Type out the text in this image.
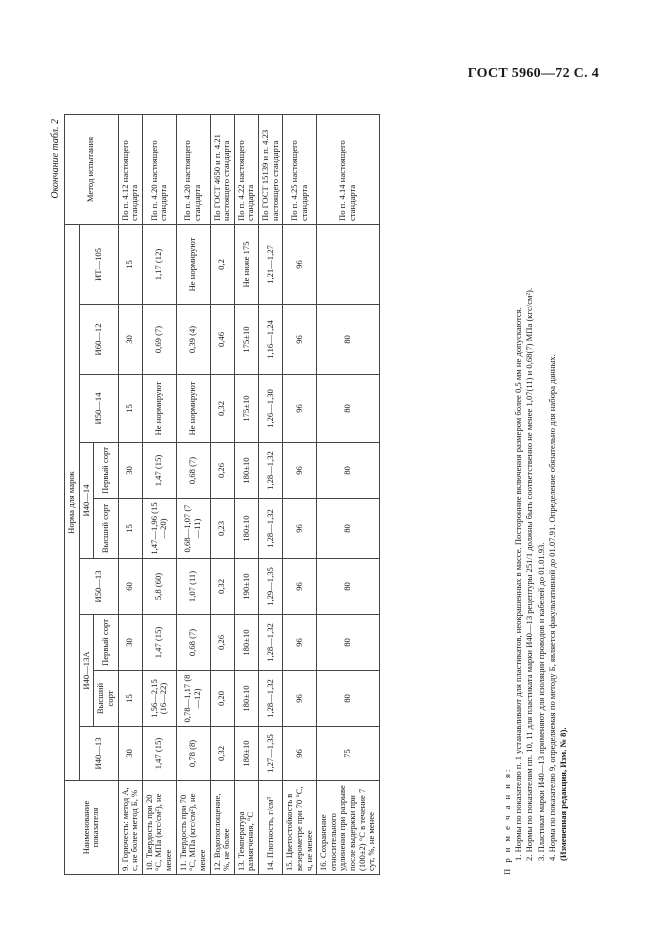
ГОСТ 5960—72 С. 4
Окончание табл. 2
Наименование показателя	Норма для марок									Метод испытания
	И40—13	И40—13А		И50—13	И40—14		И50—14	И60—12	ИТ—105	
		Высший сорт	Первый сорт		Высший сорт	Первый сорт				
9. Горючесть: метод А, с, не более метод Б, %	30	15	30	60	15	30	15	30	15	По п. 4.12 настоящего стандарта
10. Твердость при 20 °С, МПа (кгс/см²), не менее	1,47 (15)	1,56—2,15 (16—22)	1,47 (15)	5,8 (60)	1,47—1,96 (15—20)	1,47 (15)	Не нормируют	0,69 (7)	1,17 (12)	По п. 4.20 настоящего стандарта
11. Твердость при 70 °С, МПа (кгс/см²), не менее	0,78 (8)	0,78—1,17 (8—12)	0,68 (7)	1,07 (11)	0,68—1,07 (7—11)	0,68 (7)	Не нормируют	0,39 (4)	Не нормируют	По п. 4.20 настоящего стандарта
12. Водопоглощение, %, не более	0,32	0,20	0,26	0,32	0,23	0,26	0,32	0,46	0,2	По ГОСТ 4650 и п. 4.21 настоящего стандарта
13. Температура размягчения, °С	180±10	180±10	180±10	190±10	180±10	180±10	175±10	175±10	Не ниже 175	По п. 4.22 настоящего стандарта
14. Плотность, г/см³	1,27—1,35	1,28—1,32	1,28—1,32	1,29—1,35	1,28—1,32	1,28—1,32	1,26—1,30	1,16—1,24	1,21—1,27	По ГОСТ 15139 и п. 4.23 настоящего стандарта
15. Цветостойкость в везерометре при 70 °С, ч, не менее	96	96	96	96	96	96	96	96	96	По п. 4.25 настоящего стандарта
16. Сохранение относительного удлинения при разрыве после выдержки при (100±2) °С в течение 7 сут, %, не менее	75	80	80	80	80	80	80	80		По п. 4.14 настоящего стандарта

П р и м е ч а н и я: 1. Нормы по показателю п. 1 устанавливают для пластикатов, неокрашенных в массе. Посторонние включения размером более 0,5 мм не допускаются. 2. Нормы по показателям пп. 10, 11 для пластиката марки И40—13 рецептуры 251/1 должны быть соответственно не менее 1,07(11) и 0,68(7) МПа (кгс/см²). 3. Пластикат марки И40—13 применяют для изоляции проводов и кабелей до 01.01.93. 4. Норма по показателю 9, определяемая по методу Б, является факультативной до 01.07.91. Определение обязательно для набора данных. (Измененная редакция, Изм. № 8).
